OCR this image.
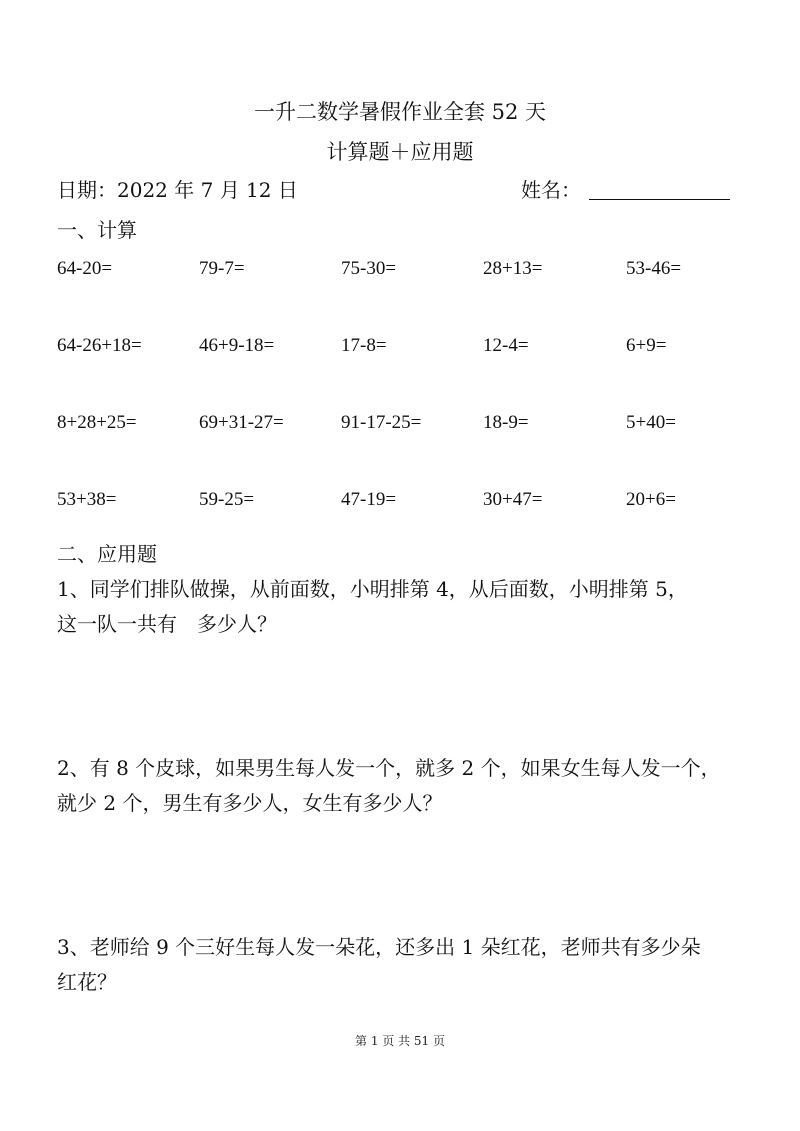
一升二数学暑假作业全套 52 天
计算题＋应用题
日期：2022 年 7 月 12 日	姓名：
一、计算
64-20=	79-7=	75-30=	28+13=	53-46=
64-26+18=	46+9-18=	17-8=	12-4=	6+9=
8+28+25=	69+31-27=	91-17-25=	18-9=	5+40=
53+38=	59-25=	47-19=	30+47=	20+6=
二、应用题
1、同学们排队做操，从前面数，小明排第 4，从后面数，小明排第 5，
这一队一共有　多少人？
2、有 8 个皮球，如果男生每人发一个，就多 2 个，如果女生每人发一个，
就少 2 个，男生有多少人，女生有多少人？
3、老师给 9 个三好生每人发一朵花，还多出 1 朵红花，老师共有多少朵
红花？
第 1 页 共 51 页
